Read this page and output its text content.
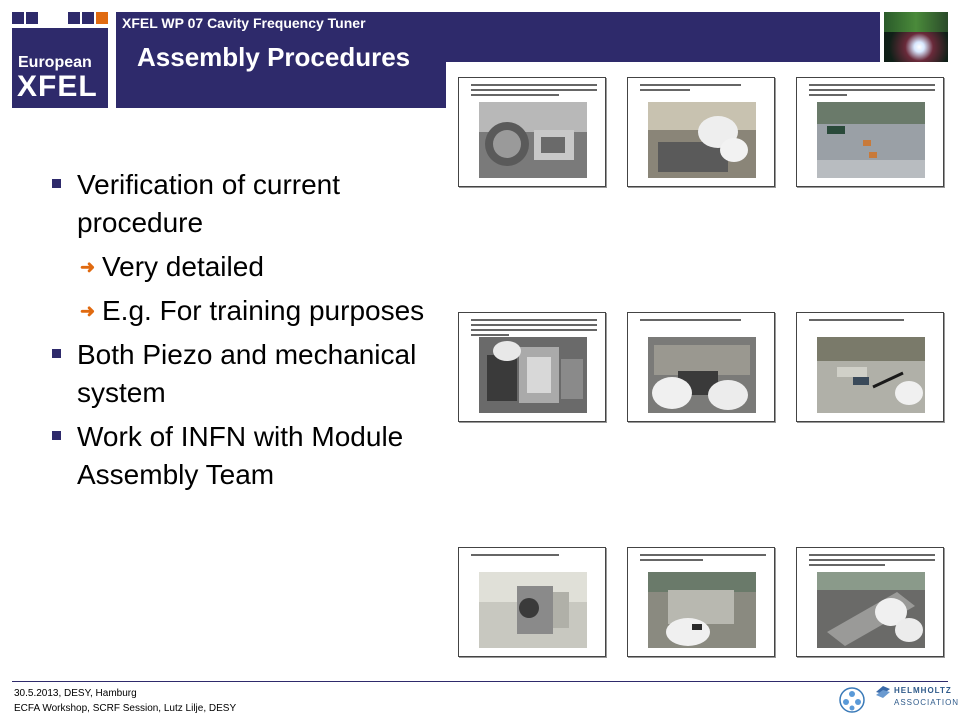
European
XFEL
XFEL WP 07 Cavity Frequency Tuner
Assembly Procedures
Verification of current procedure
➜ Very detailed
➜ E.g. For training purposes
Both Piezo and mechanical system
Work of INFN with Module Assembly Team
30.5.2013, DESY, Hamburg
ECFA Workshop, SCRF Session, Lutz Lilje, DESY
HELMHOLTZ
ASSOCIATION
